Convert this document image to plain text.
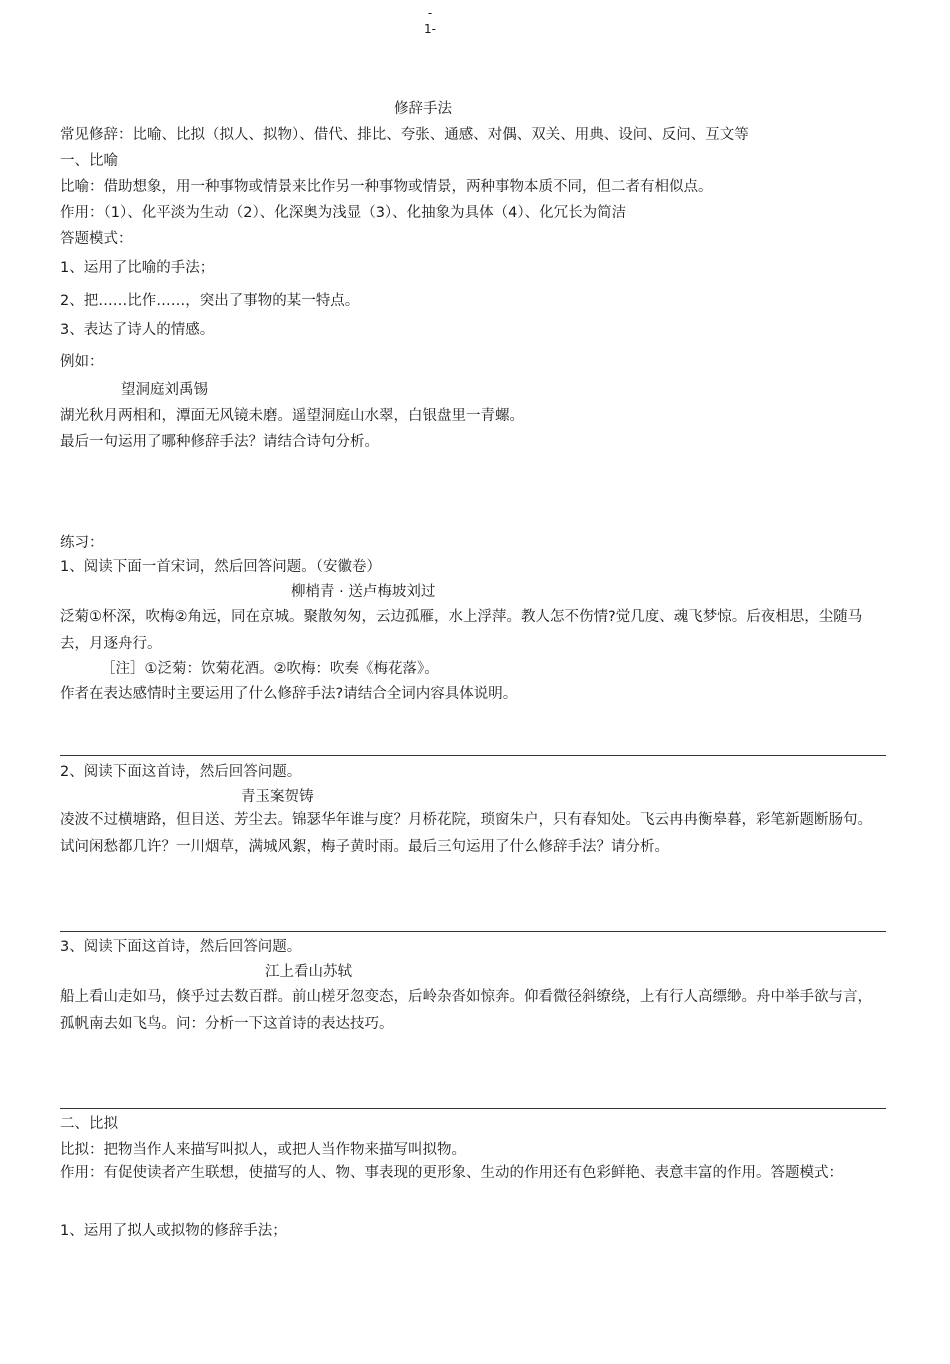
-
1-
修辞手法
常见修辞：比喻、比拟（拟人、拟物）、借代、排比、夸张、通感、对偶、双关、用典、设问、反问、互文等
一、比喻
比喻：借助想象，用一种事物或情景来比作另一种事物或情景，两种事物本质不同，但二者有相似点。
作用：（1）、化平淡为生动（2）、化深奥为浅显（3）、化抽象为具体（4）、化冗长为简洁
答题模式：
1、运用了比喻的手法；
2、把……比作……，突出了事物的某一特点。
3、表达了诗人的情感。
例如：
望洞庭刘禹锡
湖光秋月两相和，潭面无风镜未磨。遥望洞庭山水翠，白银盘里一青螺。
最后一句运用了哪种修辞手法？请结合诗句分析。
练习：
1、阅读下面一首宋词，然后回答问题。（安徽卷）
柳梢青 · 送卢梅坡刘过
泛菊①杯深，吹梅②角远，同在京城。聚散匆匆，云边孤雁，水上浮萍。教人怎不伤情?觉几度、魂飞梦惊。后夜相思，尘随马去，月逐舟行。
［注］①泛菊：饮菊花酒。②吹梅：吹奏《梅花落》。
作者在表达感情时主要运用了什么修辞手法?请结合全词内容具体说明。
2、阅读下面这首诗，然后回答问题。
青玉案贺铸
凌波不过横塘路，但目送、芳尘去。锦瑟华年谁与度？月桥花院，琐窗朱户，只有春知处。飞云冉冉衡皋暮，彩笔新题断肠句。试问闲愁都几许？一川烟草，满城风絮，梅子黄时雨。最后三句运用了什么修辞手法？请分析。
3、阅读下面这首诗，然后回答问题。
江上看山苏轼
船上看山走如马，倏乎过去数百群。前山槎牙忽变态，后岭杂沓如惊奔。仰看微径斜缭绕，上有行人高缥缈。舟中举手欲与言，孤帆南去如飞鸟。问：分析一下这首诗的表达技巧。
二、比拟
比拟：把物当作人来描写叫拟人，或把人当作物来描写叫拟物。
作用：有促使读者产生联想，使描写的人、物、事表现的更形象、生动的作用还有色彩鲜艳、表意丰富的作用。答题模式：
1、运用了拟人或拟物的修辞手法；
